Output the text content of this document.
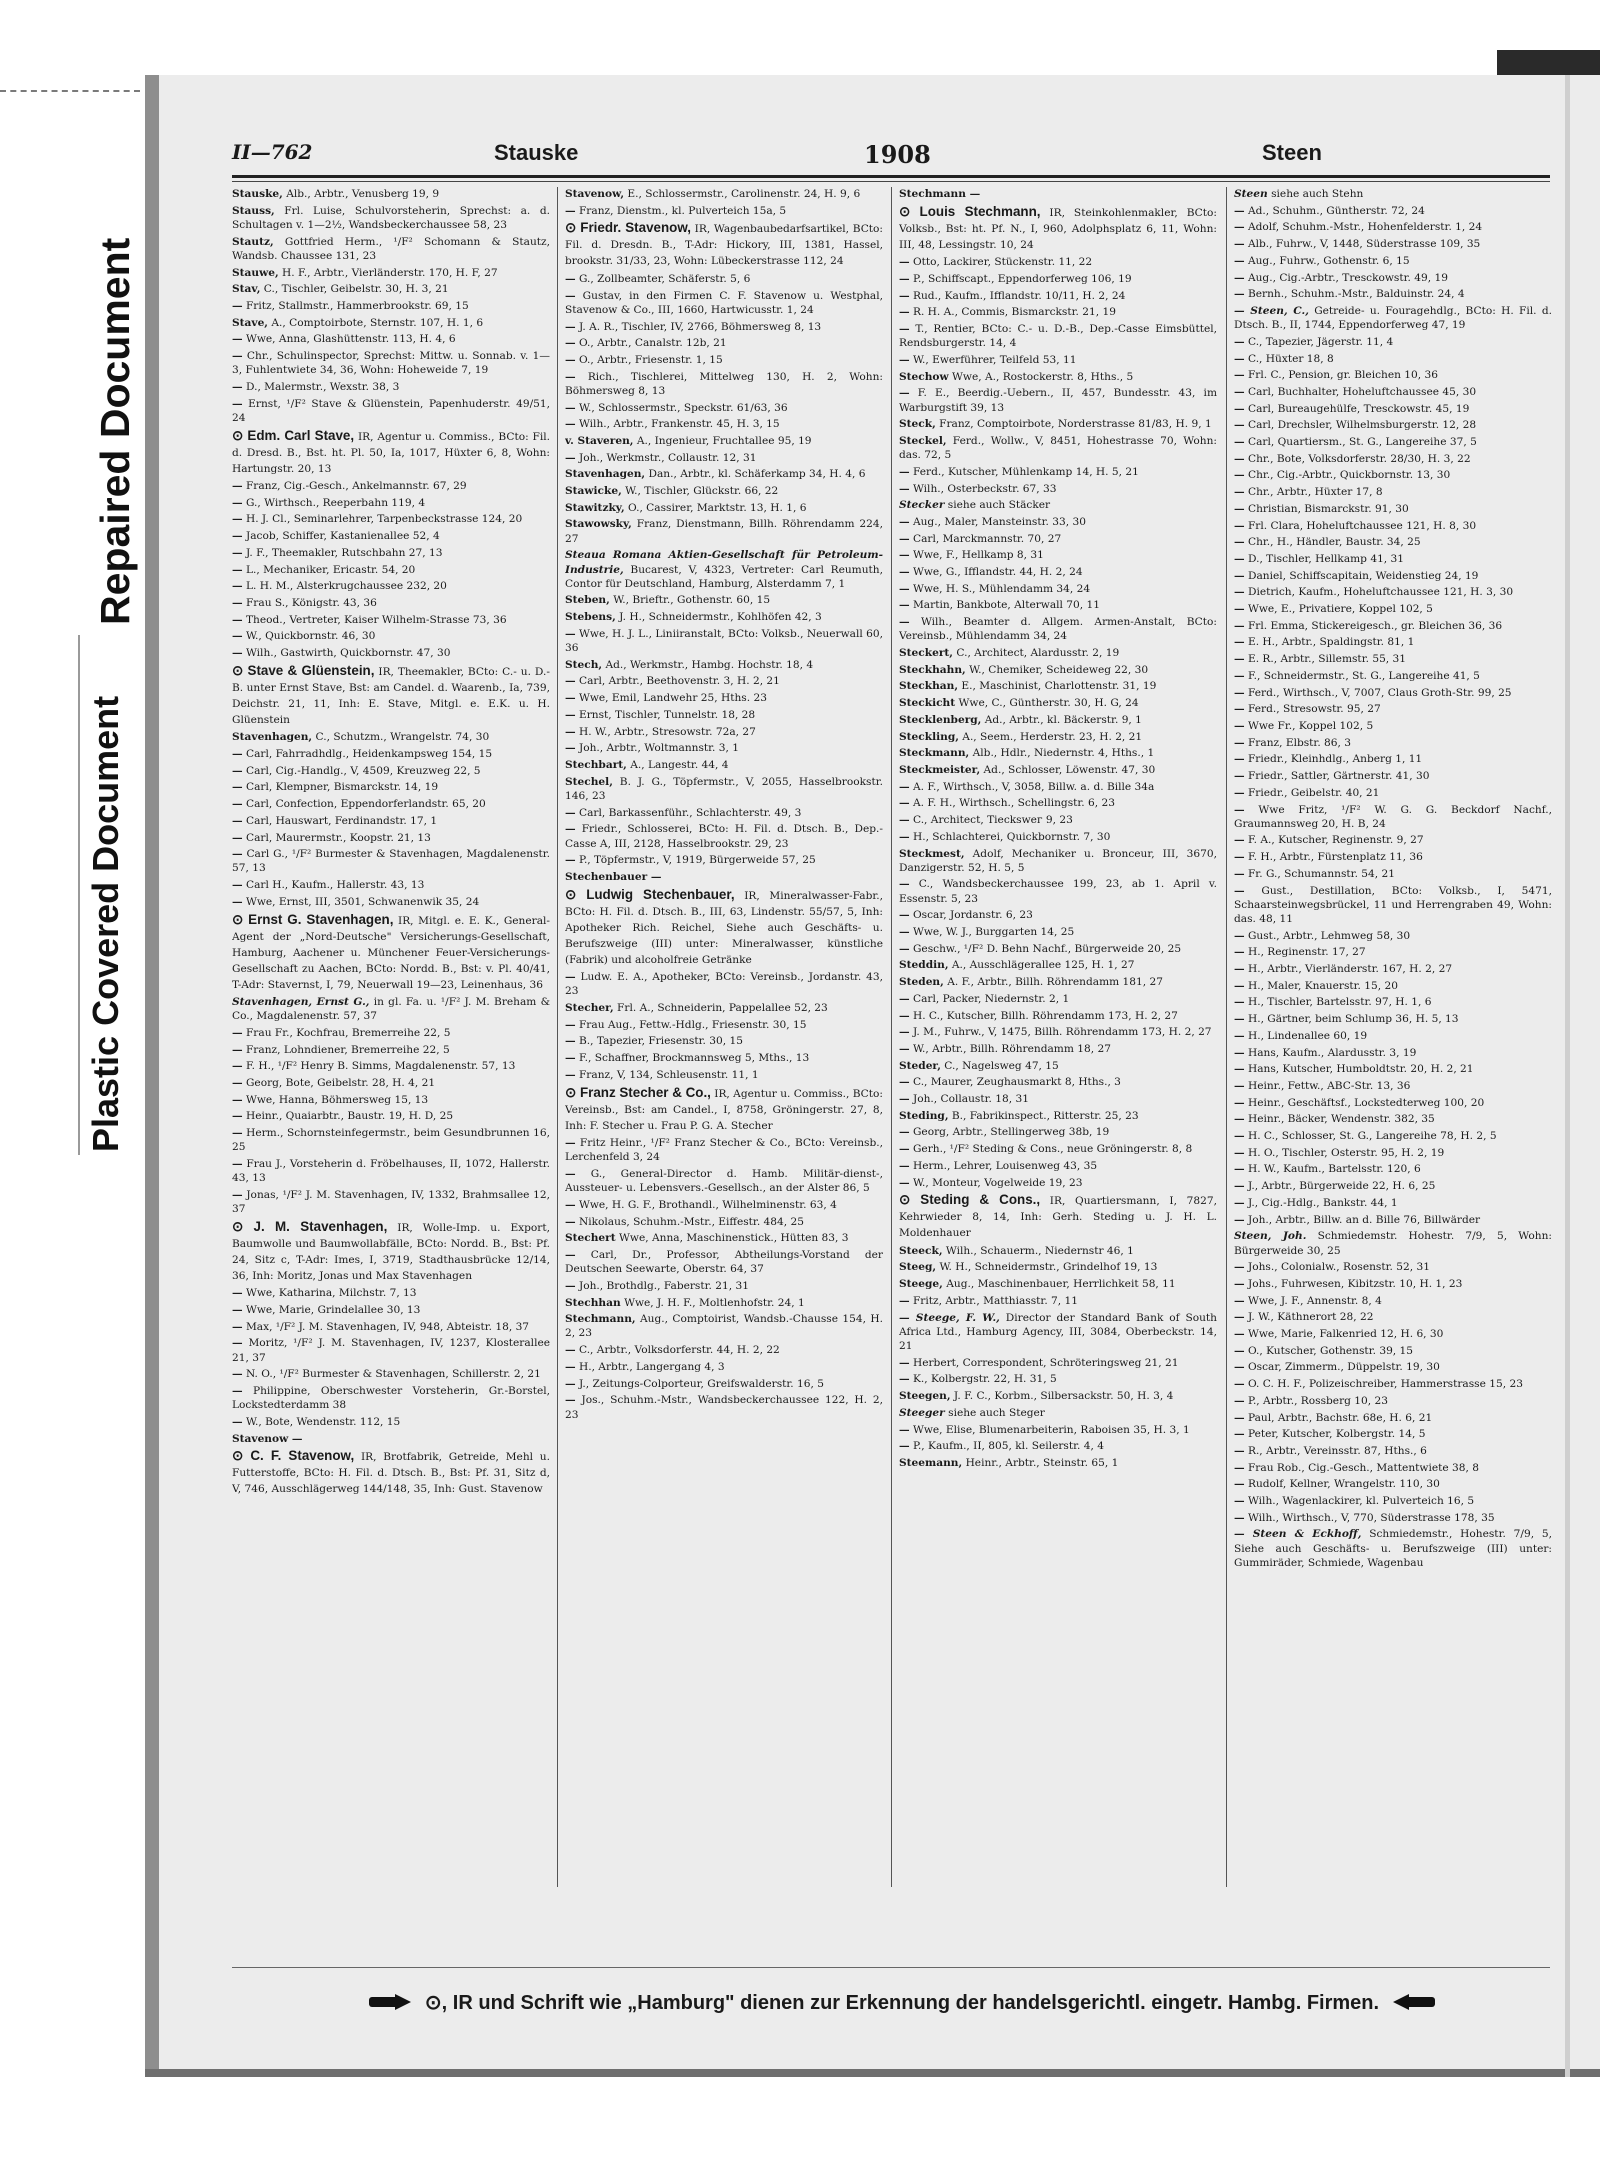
Repaired Document
Plastic Covered Document
II—762	Stauske	1908	Steen
Stauske, Alb., Arbtr., Venusberg 19, 9
Stauss, Frl. Luise, Schulvorsteherin, Sprechst: a. d. Schultagen v. 1—2½, Wandsbeckerchaussee 58, 23
Stautz, Gottfried Herm., ¹/F² Schomann & Stautz, Wandsb. Chaussee 131, 23
Stauwe, H. F., Arbtr., Vierländerstr. 170, H. F, 27
Stav, C., Tischler, Geibelstr. 30, H. 3, 21
— Fritz, Stallmstr., Hammerbrookstr. 69, 15
Stave, A., Comptoirbote, Sternstr. 107, H. 1, 6
— Wwe, Anna, Glashüttenstr. 113, H. 4, 6
— Chr., Schulinspector, Sprechst: Mittw. u. Sonnab. v. 1—3, Fuhlentwiete 34, 36, Wohn: Hoheweide 7, 19
— D., Malermstr., Wexstr. 38, 3
— Ernst, ¹/F² Stave & Glüenstein, Papenhuderstr. 49/51, 24
⊙ Edm. Carl Stave, IR, Agentur u. Commiss., BCto: Fil. d. Dresd. B., Bst. ht. Pl. 50, Ia, 1017, Hüxter 6, 8, Wohn: Hartungstr. 20, 13
— Franz, Cig.-Gesch., Ankelmannstr. 67, 29
— G., Wirthsch., Reeperbahn 119, 4
— H. J. Cl., Seminarlehrer, Tarpenbeckstrasse 124, 20
— Jacob, Schiffer, Kastanienallee 52, 4
— J. F., Theemakler, Rutschbahn 27, 13
— L., Mechaniker, Ericastr. 54, 20
— L. H. M., Alsterkrugchaussee 232, 20
— Frau S., Königstr. 43, 36
— Theod., Vertreter, Kaiser Wilhelm-Strasse 73, 36
— W., Quickbornstr. 46, 30
— Wilh., Gastwirth, Quickbornstr. 47, 30
⊙ Stave & Glüenstein, IR, Theemakler, BCto: C.- u. D.-B. unter Ernst Stave, Bst: am Candel. d. Waarenb., Ia, 739, Deichstr. 21, 11, Inh: E. Stave, Mitgl. e. E.K. u. H. Glüenstein
Stavenhagen, C., Schutzm., Wrangelstr. 74, 30
— Carl, Fahrradhdlg., Heidenkampsweg 154, 15
— Carl, Cig.-Handlg., V, 4509, Kreuzweg 22, 5
— Carl, Klempner, Bismarckstr. 14, 19
— Carl, Confection, Eppendorferlandstr. 65, 20
— Carl, Hauswart, Ferdinandstr. 17, 1
— Carl, Maurermstr., Koopstr. 21, 13
— Carl G., ¹/F² Burmester & Stavenhagen, Magdalenenstr. 57, 13
— Carl H., Kaufm., Hallerstr. 43, 13
— Wwe, Ernst, III, 3501, Schwanenwik 35, 24
⊙ Ernst G. Stavenhagen, IR, Mitgl. e. E. K., General-Agent der „Nord-Deutsche" Versicherungs-Gesellschaft, Hamburg, Aachener u. Münchener Feuer-Versicherungs-Gesellschaft zu Aachen, BCto: Nordd. B., Bst: v. Pl. 40/41, T-Adr: Stavernst, I, 79, Neuerwall 19—23, Leinenhaus, 36
Stavenhagen, Ernst G., in gl. Fa. u. ¹/F² J. M. Breham & Co., Magdalenenstr. 57, 37
— Frau Fr., Kochfrau, Bremerreihe 22, 5
— Franz, Lohndiener, Bremerreihe 22, 5
— F. H., ¹/F² Henry B. Simms, Magdalenenstr. 57, 13
— Georg, Bote, Geibelstr. 28, H. 4, 21
— Wwe, Hanna, Böhmersweg 15, 13
— Heinr., Quaiarbtr., Baustr. 19, H. D, 25
— Herm., Schornsteinfegermstr., beim Gesundbrunnen 16, 25
— Frau J., Vorsteherin d. Fröbelhauses, II, 1072, Hallerstr. 43, 13
— Jonas, ¹/F² J. M. Stavenhagen, IV, 1332, Brahmsallee 12, 37
⊙ J. M. Stavenhagen, IR, Wolle-Imp. u. Export, Baumwolle und Baumwollabfälle, BCto: Nordd. B., Bst: Pf. 24, Sitz c, T-Adr: Imes, I, 3719, Stadthausbrücke 12/14, 36, Inh: Moritz, Jonas und Max Stavenhagen
— Wwe, Katharina, Milchstr. 7, 13
— Wwe, Marie, Grindelallee 30, 13
— Max, ¹/F² J. M. Stavenhagen, IV, 948, Abteistr. 18, 37
— Moritz, ¹/F² J. M. Stavenhagen, IV, 1237, Klosterallee 21, 37
— N. O., ¹/F² Burmester & Stavenhagen, Schillerstr. 2, 21
— Philippine, Oberschwester Vorsteherin, Gr.-Borstel, Lockstedterdamm 38
— W., Bote, Wendenstr. 112, 15
Stavenow —
⊙ C. F. Stavenow, IR, Brotfabrik, Getreide, Mehl u. Futterstoffe, BCto: H. Fil. d. Dtsch. B., Bst: Pf. 31, Sitz d, V, 746, Ausschlägerweg 144/148, 35, Inh: Gust. Stavenow
Stavenow, E., Schlossermstr., Carolinenstr. 24, H. 9, 6
— Franz, Dienstm., kl. Pulverteich 15a, 5
⊙ Friedr. Stavenow, IR, Wagenbaubedarfsartikel, BCto: Fil. d. Dresdn. B., T-Adr: Hickory, III, 1381, Hassel, brookstr. 31/33, 23, Wohn: Lübeckerstrasse 112, 24
— G., Zollbeamter, Schäferstr. 5, 6
— Gustav, in den Firmen C. F. Stavenow u. Westphal, Stavenow & Co., III, 1660, Hartwicusstr. 1, 24
— J. A. R., Tischler, IV, 2766, Böhmersweg 8, 13
— O., Arbtr., Canalstr. 12b, 21
— O., Arbtr., Friesenstr. 1, 15
— Rich., Tischlerei, Mittelweg 130, H. 2, Wohn: Böhmersweg 8, 13
— W., Schlossermstr., Speckstr. 61/63, 36
— Wilh., Arbtr., Frankenstr. 45, H. 3, 15
v. Staveren, A., Ingenieur, Fruchtallee 95, 19
— Joh., Werkmstr., Collaustr. 12, 31
Stavenhagen, Dan., Arbtr., kl. Schäferkamp 34, H. 4, 6
Stawicke, W., Tischler, Glückstr. 66, 22
Stawitzky, O., Cassirer, Marktstr. 13, H. 1, 6
Stawowsky, Franz, Dienstmann, Billh. Röhrendamm 224, 27
Steaua Romana Aktien-Gesellschaft für Petroleum-Industrie, Bucarest, V, 4323, Vertreter: Carl Reumuth, Contor für Deutschland, Hamburg, Alsterdamm 7, 1
Steben, W., Brieftr., Gothenstr. 60, 15
Stebens, J. H., Schneidermstr., Kohlhöfen 42, 3
— Wwe, H. J. L., Liniiranstalt, BCto: Volksb., Neuerwall 60, 36
Stech, Ad., Werkmstr., Hambg. Hochstr. 18, 4
— Carl, Arbtr., Beethovenstr. 3, H. 2, 21
— Wwe, Emil, Landwehr 25, Hths. 23
— Ernst, Tischler, Tunnelstr. 18, 28
— H. W., Arbtr., Stresowstr. 72a, 27
— Joh., Arbtr., Woltmannstr. 3, 1
Stechbart, A., Langestr. 44, 4
Stechel, B. J. G., Töpfermstr., V, 2055, Hasselbrookstr. 146, 23
— Carl, Barkassenführ., Schlachterstr. 49, 3
— Friedr., Schlosserei, BCto: H. Fil. d. Dtsch. B., Dep.-Casse A, III, 2128, Hasselbrookstr. 29, 23
— P., Töpfermstr., V, 1919, Bürgerweide 57, 25
Stechenbauer —
⊙ Ludwig Stechenbauer, IR, Mineralwasser-Fabr., BCto: H. Fil. d. Dtsch. B., III, 63, Lindenstr. 55/57, 5, Inh: Apotheker Rich. Reichel, Siehe auch Geschäfts- u. Berufszweige (III) unter: Mineralwasser, künstliche (Fabrik) und alcoholfreie Getränke
— Ludw. E. A., Apotheker, BCto: Vereinsb., Jordanstr. 43, 23
Stecher, Frl. A., Schneiderin, Pappelallee 52, 23
— Frau Aug., Fettw.-Hdlg., Friesenstr. 30, 15
— B., Tapezier, Friesenstr. 30, 15
— F., Schaffner, Brockmannsweg 5, Mths., 13
— Franz, V, 134, Schleusenstr. 11, 1
⊙ Franz Stecher & Co., IR, Agentur u. Commiss., BCto: Vereinsb., Bst: am Candel., I, 8758, Gröningerstr. 27, 8, Inh: F. Stecher u. Frau P. G. A. Stecher
— Fritz Heinr., ¹/F² Franz Stecher & Co., BCto: Vereinsb., Lerchenfeld 3, 24
— G., General-Director d. Hamb. Militär-dienst-, Aussteuer- u. Lebensvers.-Gesellsch., an der Alster 86, 5
— Wwe, H. G. F., Brothandl., Wilhelminenstr. 63, 4
— Nikolaus, Schuhm.-Mstr., Eiffestr. 484, 25
Stechert Wwe, Anna, Maschinenstick., Hütten 83, 3
— Carl, Dr., Professor, Abtheilungs-Vorstand der Deutschen Seewarte, Oberstr. 64, 37
— Joh., Brothdlg., Faberstr. 21, 31
Stechhan Wwe, J. H. F., Moltlenhofstr. 24, 1
Stechmann, Aug., Comptoirist, Wandsb.-Chausse 154, H. 2, 23
— C., Arbtr., Volksdorferstr. 44, H. 2, 22
— H., Arbtr., Langergang 4, 3
— J., Zeitungs-Colporteur, Greifswalderstr. 16, 5
— Jos., Schuhm.-Mstr., Wandsbeckerchaussee 122, H. 2, 23
Stechmann —
⊙ Louis Stechmann, IR, Steinkohlenmakler, BCto: Volksb., Bst: ht. Pf. N., I, 960, Adolphsplatz 6, 11, Wohn: III, 48, Lessingstr. 10, 24
— Otto, Lackirer, Stückenstr. 11, 22
— P., Schiffscapt., Eppendorferweg 106, 19
— Rud., Kaufm., Ifflandstr. 10/11, H. 2, 24
— R. H. A., Commis, Bismarckstr. 21, 19
— T., Rentier, BCto: C.- u. D.-B., Dep.-Casse Eimsbüttel, Rendsburgerstr. 14, 4
— W., Ewerführer, Teilfeld 53, 11
Stechow Wwe, A., Rostockerstr. 8, Hths., 5
— F. E., Beerdig.-Uebern., II, 457, Bundesstr. 43, im Warburgstift 39, 13
Steck, Franz, Comptoirbote, Norderstrasse 81/83, H. 9, 1
Steckel, Ferd., Wollw., V, 8451, Hohestrasse 70, Wohn: das. 72, 5
— Ferd., Kutscher, Mühlenkamp 14, H. 5, 21
— Wilh., Osterbeckstr. 67, 33
Stecker siehe auch Stäcker
— Aug., Maler, Mansteinstr. 33, 30
— Carl, Marckmannstr. 70, 27
— Wwe, F., Hellkamp 8, 31
— Wwe, G., Ifflandstr. 44, H. 2, 24
— Wwe, H. S., Mühlendamm 34, 24
— Martin, Bankbote, Alterwall 70, 11
— Wilh., Beamter d. Allgem. Armen-Anstalt, BCto: Vereinsb., Mühlendamm 34, 24
Steckert, C., Architect, Alardusstr. 2, 19
Steckhahn, W., Chemiker, Scheideweg 22, 30
Steckhan, E., Maschinist, Charlottenstr. 31, 19
Steckicht Wwe, C., Güntherstr. 30, H. G, 24
Stecklenberg, Ad., Arbtr., kl. Bäckerstr. 9, 1
Steckling, A., Seem., Herderstr. 23, H. 2, 21
Steckmann, Alb., Hdlr., Niedernstr. 4, Hths., 1
Steckmeister, Ad., Schlosser, Löwenstr. 47, 30
— A. F., Wirthsch., V, 3058, Billw. a. d. Bille 34a
— A. F. H., Wirthsch., Schellingstr. 6, 23
— C., Architect, Tieckswег 9, 23
— H., Schlachterei, Quickbornstr. 7, 30
Steckmest, Adolf, Mechaniker u. Bronceur, III, 3670, Danzigerstr. 52, H. 5, 5
— C., Wandsbeckerchaussee 199, 23, ab 1. April v. Essenstr. 5, 23
— Oscar, Jordanstr. 6, 23
— Wwe, W. J., Burggarten 14, 25
— Geschw., ¹/F² D. Behn Nachf., Bürgerweide 20, 25
Steddin, A., Ausschlägerallee 125, H. 1, 27
Steden, A. F., Arbtr., Billh. Röhrendamm 181, 27
— Carl, Packer, Niedernstr. 2, 1
— H. C., Kutscher, Billh. Röhrendamm 173, H. 2, 27
— J. M., Fuhrw., V, 1475, Billh. Röhrendamm 173, H. 2, 27
— W., Arbtr., Billh. Röhrendamm 18, 27
Steder, C., Nagelsweg 47, 15
— C., Maurer, Zeughausmarkt 8, Hths., 3
— Joh., Collaustr. 18, 31
Steding, B., Fabrikinspect., Ritterstr. 25, 23
— Georg, Arbtr., Stellingerweg 38b, 19
— Gerh., ¹/F² Steding & Cons., neue Gröningerstr. 8, 8
— Herm., Lehrer, Louisenweg 43, 35
— W., Monteur, Vogelweide 19, 23
⊙ Steding & Cons., IR, Quartiersmann, I, 7827, Kehrwieder 8, 14, Inh: Gerh. Steding u. J. H. L. Moldenhauer
Steeck, Wilh., Schauerm., Niedernstr 46, 1
Steeg, W. H., Schneidermstr., Grindelhof 19, 13
Steege, Aug., Maschinenbauer, Herrlichkeit 58, 11
— Fritz, Arbtr., Matthiasstr. 7, 11
— Steege, F. W., Director der Standard Bank of South Africa Ltd., Hamburg Agency, III, 3084, Oberbeckstr. 14, 21
— Herbert, Correspondent, Schröteringsweg 21, 21
— K., Kolbergstr. 22, H. 31, 5
Steegen, J. F. C., Korbm., Silbersackstr. 50, H. 3, 4
Steeger siehe auch Steger
— Wwe, Elise, Blumenarbeiterin, Raboisen 35, H. 3, 1
— P., Kaufm., II, 805, kl. Seilerstr. 4, 4
Steemann, Heinr., Arbtr., Steinstr. 65, 1
Steen siehe auch Stehn
— Ad., Schuhm., Güntherstr. 72, 24
— Adolf, Schuhm.-Mstr., Hohenfelderstr. 1, 24
— Alb., Fuhrw., V, 1448, Süderstrasse 109, 35
— Aug., Fuhrw., Gothenstr. 6, 15
— Aug., Cig.-Arbtr., Tresckowstr. 49, 19
— Bernh., Schuhm.-Mstr., Balduinstr. 24, 4
— Steen, C., Getreide- u. Fouragehdlg., BCto: H. Fil. d. Dtsch. B., II, 1744, Eppendorferweg 47, 19
— C., Tapezier, Jägerstr. 11, 4
— C., Hüxter 18, 8
— Frl. C., Pension, gr. Bleichen 10, 36
— Carl, Buchhalter, Hoheluftchaussee 45, 30
— Carl, Bureaugehülfe, Tresckowstr. 45, 19
— Carl, Drechsler, Wilhelmsburgerstr. 12, 28
— Carl, Quartiersm., St. G., Langereihe 37, 5
— Chr., Bote, Volksdorferstr. 28/30, H. 3, 22
— Chr., Cig.-Arbtr., Quickbornstr. 13, 30
— Chr., Arbtr., Hüxter 17, 8
— Christian, Bismarckstr. 91, 30
— Frl. Clara, Hoheluftchaussee 121, H. 8, 30
— Chr., H., Händler, Baustr. 34, 25
— D., Tischler, Hellkamp 41, 31
— Daniel, Schiffscapitain, Weidenstieg 24, 19
— Dietrich, Kaufm., Hoheluftchaussee 121, H. 3, 30
— Wwe, E., Privatiere, Koppel 102, 5
— Frl. Emma, Stickereigesch., gr. Bleichen 36, 36
— E. H., Arbtr., Spaldingstr. 81, 1
— E. R., Arbtr., Sillemstr. 55, 31
— F., Schneidermstr., St. G., Langereihe 41, 5
— Ferd., Wirthsch., V, 7007, Claus Groth-Str. 99, 25
— Ferd., Stresowstr. 95, 27
— Wwe Fr., Koppel 102, 5
— Franz, Elbstr. 86, 3
— Friedr., Kleinhdlg., Anberg 1, 11
— Friedr., Sattler, Gärtnerstr. 41, 30
— Friedr., Geibelstr. 40, 21
— Wwe Fritz, ¹/F² W. G. G. Beckdorf Nachf., Graumannsweg 20, H. B, 24
— F. A., Kutscher, Reginenstr. 9, 27
— F. H., Arbtr., Fürstenplatz 11, 36
— Fr. G., Schumannstr. 54, 21
— Gust., Destillation, BCto: Volksb., I, 5471, Schaarsteinwegsbrückel, 11 und Herrengraben 49, Wohn: das. 48, 11
— Gust., Arbtr., Lehmweg 58, 30
— H., Reginenstr. 17, 27
— H., Arbtr., Vierländerstr. 167, H. 2, 27
— H., Maler, Knauerstr. 15, 20
— H., Tischler, Bartelsstr. 97, H. 1, 6
— H., Gärtner, beim Schlump 36, H. 5, 13
— H., Lindenallee 60, 19
— Hans, Kaufm., Alardusstr. 3, 19
— Hans, Kutscher, Humboldtstr. 20, H. 2, 21
— Heinr., Fettw., ABC-Str. 13, 36
— Heinr., Geschäftsf., Lockstedterweg 100, 20
— Heinr., Bäcker, Wendenstr. 382, 35
— H. C., Schlosser, St. G., Langereihe 78, H. 2, 5
— H. O., Tischler, Osterstr. 95, H. 2, 19
— H. W., Kaufm., Bartelsstr. 120, 6
— J., Arbtr., Bürgerweide 22, H. 6, 25
— J., Cig.-Hdlg., Bankstr. 44, 1
— Joh., Arbtr., Billw. an d. Bille 76, Billwärder
Steen, Joh. Schmiedemstr. Hohestr. 7/9, 5, Wohn: Bürgerweide 30, 25
— Johs., Colonialw., Rosenstr. 52, 31
— Johs., Fuhrwesen, Kibitzstr. 10, H. 1, 23
— Wwe, J. F., Annenstr. 8, 4
— J. W., Käthnerort 28, 22
— Wwe, Marie, Falkenried 12, H. 6, 30
— O., Kutscher, Gothenstr. 39, 15
— Oscar, Zimmerm., Düppelstr. 19, 30
— O. C. H. F., Polizeischreiber, Hammerstrasse 15, 23
— P., Arbtr., Rossberg 10, 23
— Paul, Arbtr., Bachstr. 68e, H. 6, 21
— Peter, Kutscher, Kolbergstr. 14, 5
— R., Arbtr., Vereinsstr. 87, Hths., 6
— Frau Rob., Cig.-Gesch., Mattentwiete 38, 8
— Rudolf, Kellner, Wrangelstr. 110, 30
— Wilh., Wagenlackirer, kl. Pulverteich 16, 5
— Wilh., Wirthsch., V, 770, Süderstrasse 178, 35
— Steen & Eckhoff, Schmiedemstr., Hohestr. 7/9, 5, Siehe auch Geschäfts- u. Berufszweige (III) unter: Gummiräder, Schmiede, Wagenbau
⊙, IR und Schrift wie „Hamburg" dienen zur Erkennung der handelsgerichtl. eingetr. Hambg. Firmen.
